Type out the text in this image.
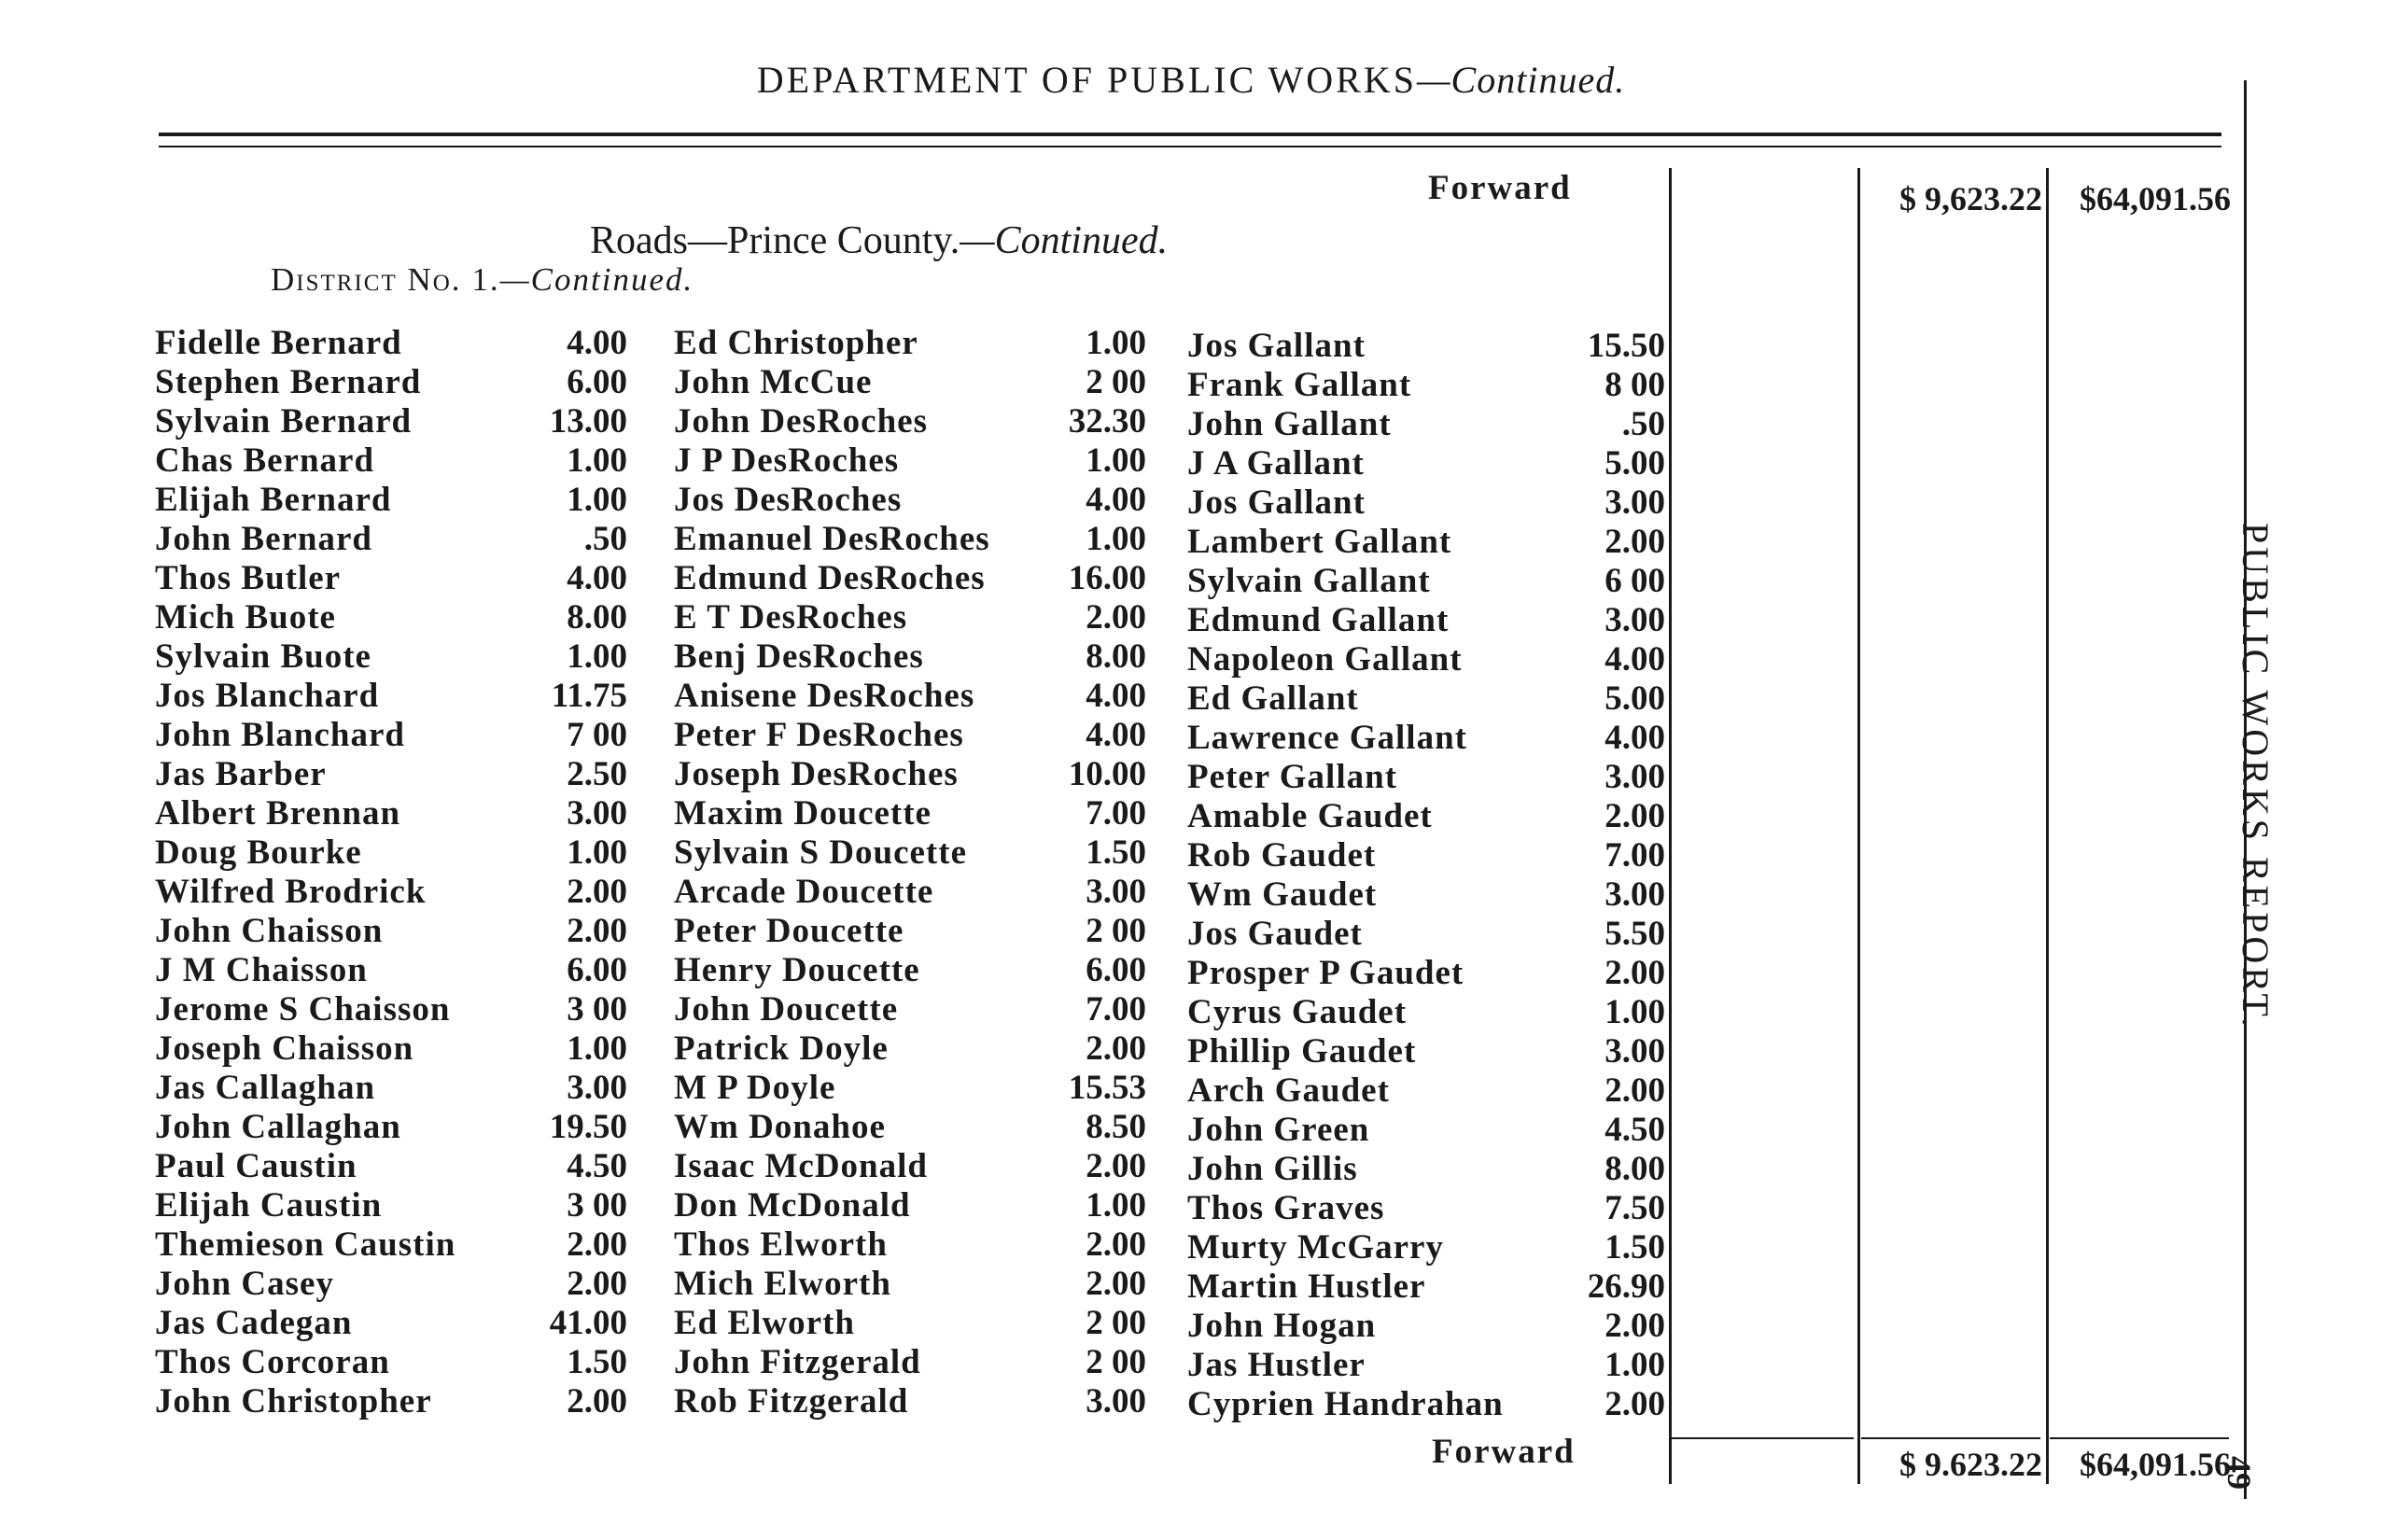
DEPARTMENT OF PUBLIC WORKS—Continued.
Forward	$ 9,623.22	$64,091.56
Roads—Prince County.—Continued.
District No. 1.—Continued.
Fidelle Bernard	4.00
Stephen Bernard	6.00
Sylvain Bernard	13.00
Chas Bernard	1.00
Elijah Bernard	1.00
John Bernard	.50
Thos Butler	4.00
Mich Buote	8.00
Sylvain Buote	1.00
Jos Blanchard	11.75
John Blanchard	7 00
Jas Barber	2.50
Albert Brennan	3.00
Doug Bourke	1.00
Wilfred Brodrick	2.00
John Chaisson	2.00
J M Chaisson	6.00
Jerome S Chaisson	3 00
Joseph Chaisson	1.00
Jas Callaghan	3.00
John Callaghan	19.50
Paul Caustin	4.50
Elijah Caustin	3 00
Themieson Caustin	2.00
John Casey	2.00
Jas Cadegan	41.00
Thos Corcoran	1.50
John Christopher	2.00
Ed Christopher	1.00
John McCue	2 00
John DesRoches	32.30
J P DesRoches	1.00
Jos DesRoches	4.00
Emanuel DesRoches	1.00
Edmund DesRoches 16.00
E T DesRoches	2.00
Benj DesRoches	8.00
Anisene DesRoches	4.00
Peter F DesRoches	4.00
Joseph DesRoches	10.00
Maxim Doucette	7.00
Sylvain S Doucette	1.50
Arcade Doucette	3.00
Peter Doucette	2 00
Henry Doucette	6.00
John Doucette	7.00
Patrick Doyle	2.00
M P Doyle	15.53
Wm Donahoe	8.50
Isaac McDonald	2.00
Don McDonald	1.00
Thos Elworth	2.00
Mich Elworth	2.00
Ed Elworth	2 00
John Fitzgerald	2 00
Rob Fitzgerald	3.00
Jos Gallant	15.50
Frank Gallant	8 00
John Gallant	.50
J A Gallant	5.00
Jos Gallant	3.00
Lambert Gallant	2.00
Sylvain Gallant	6 00
Edmund Gallant	3.00
Napoleon Gallant	4.00
Ed Gallant	5.00
Lawrence Gallant	4.00
Peter Gallant	3.00
Amable Gaudet	2.00
Rob Gaudet	7.00
Wm Gaudet	3.00
Jos Gaudet	5.50
Prosper P Gaudet	2.00
Cyrus Gaudet	1.00
Phillip Gaudet	3.00
Arch Gaudet	2.00
John Green	4.50
John Gillis	8.00
Thos Graves	7.50
Murty McGarry	1.50
Martin Hustler	26.90
John Hogan	2.00
Jas Hustler	1.00
Cyprien Handrahan	2.00
Forward	$ 9.623.22	$64,091.56
PUBLIC WORKS REPORT.
49
